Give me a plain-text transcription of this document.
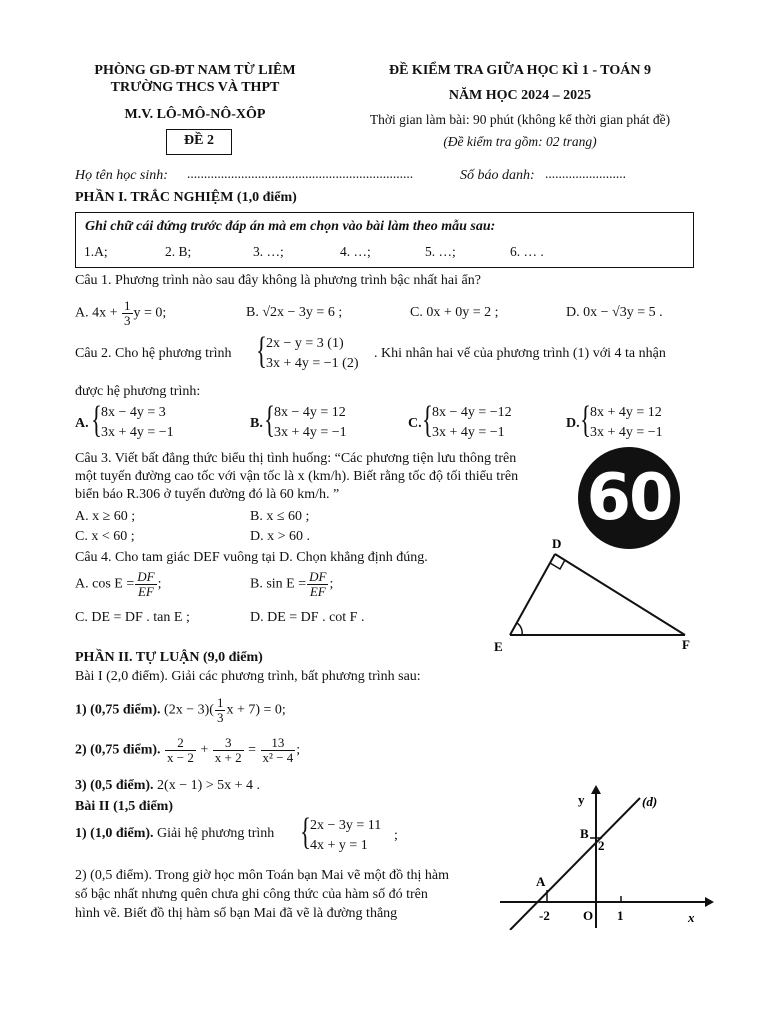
PHÒNG GD-ĐT NAM TỪ LIÊM
TRƯỜNG THCS VÀ THPT
M.V. LÔ-MÔ-NÔ-XÔP
ĐỀ 2
ĐỀ KIỂM TRA GIỮA HỌC KÌ 1 - TOÁN 9
NĂM HỌC 2024 – 2025
Thời gian làm bài: 90 phút (không kể thời gian phát đề)
(Đề kiểm tra gồm: 02 trang)
Họ tên học sinh: ...................................................................	Số báo danh: ........................
PHẦN I. TRẮC NGHIỆM (1,0 điểm)
Ghi chữ cái đứng trước đáp án mà em chọn vào bài làm theo mẫu sau:
1.A;	2. B;	3. …;	4. …;	5. …;	6. … .
Câu 1. Phương trình nào sau đây không là phương trình bậc nhất hai ẩn?
A. $4x + \frac{1}{3}$ y = 0;	B. √2x − 3y = 6 ;	C. 0x + 0y = 2 ;	D. 0x − √3y = 5 .
Câu 2. Cho hệ phương trình { 2x − y = 3 (1)
3x + 4y = −1 (2)
. Khi nhân hai vế của phương trình (1) với 4 ta nhận
được hệ phương trình:
A. { 8x − 4y = 3
3x + 4y = −1
B. { 8x − 4y = 12
3x + 4y = −1
C. { 8x − 4y = −12
3x + 4y = −1
D. { 8x + 4y = 12
3x + 4y = −1
Câu 3. Viết bất đẳng thức biểu thị tình huống: “Các phương tiện lưu thông trên
một tuyến đường cao tốc với vận tốc là x (km/h). Biết rằng tốc độ tối thiểu trên
biển báo R.306 ở tuyến đường đó là 60 km/h. ”
A. x ≥ 60 ;	B. x ≤ 60 ;
C. x < 60 ;	D. x > 60 .
60
Câu 4. Cho tam giác DEF vuông tại D. Chọn khẳng định đúng.
A. $\cos E = \frac{DF}{EF}$ ;	B. $\sin E = \frac{DF}{EF}$ ;
C. DE = DF . tan E ;	D. DE = DF . cot F .
D
E	F
PHẦN II. TỰ LUẬN (9,0 điểm)
Bài I (2,0 điểm). Giải các phương trình, bất phương trình sau:
1) (0,75 điểm). $(2x - 3)( \frac{1}{3}$ x + 7) = 0;
2) (0,75 điểm). $\frac{2}{x - 2} + \frac{3}{x + 2} = \frac{13}{\text{x² − 4}}$ ;
3) (0,5 điểm). 2(x − 1) > 5x + 4 .
Bài II (1,5 điểm)
1) (1,0 điểm). Giải hệ phương trình { 2x − 3y = 11
4x + y = 1
;
2) (0,5 điểm). Trong giờ học môn Toán bạn Mai vẽ một đồ thị hàm
số bậc nhất nhưng quên chưa ghi công thức của hàm số đó trên
hình vẽ. Biết đồ thị hàm số bạn Mai đã vẽ là đường thẳng
y
x
(d)
B
2
A
-2	O 1
